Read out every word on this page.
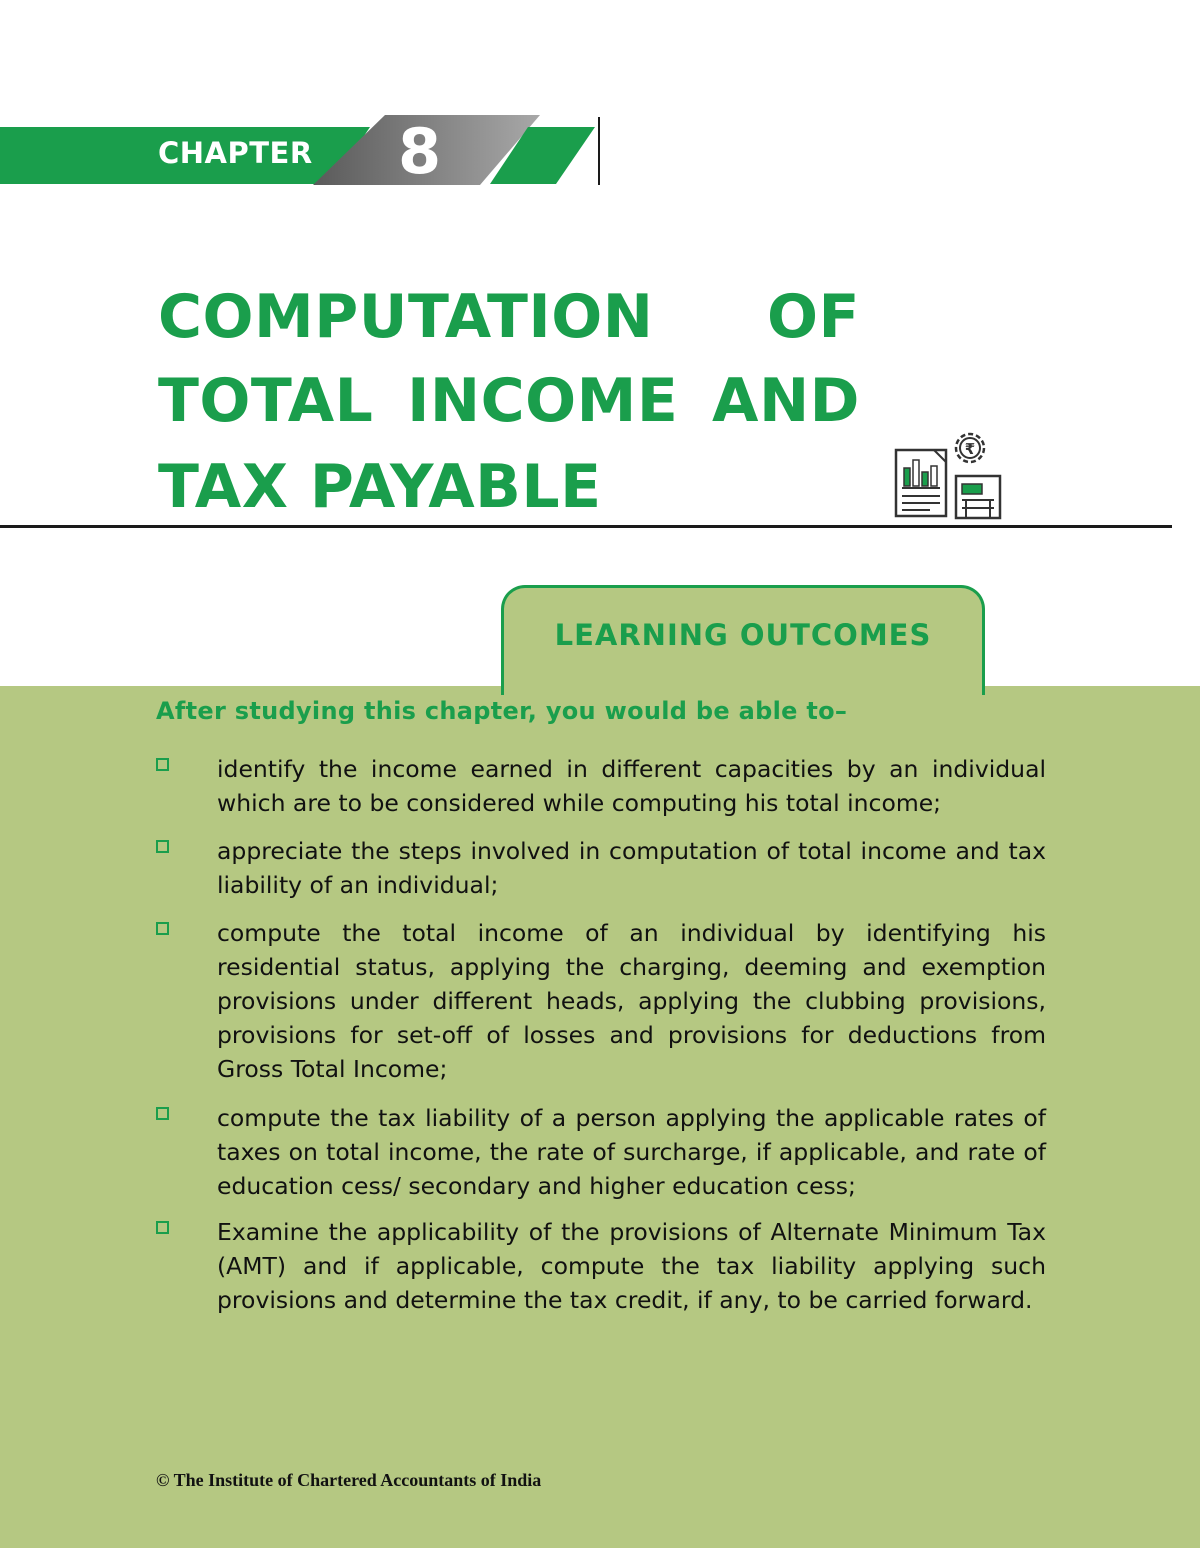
CHAPTER 8
COMPUTATION OF
TOTAL INCOME AND
TAX PAYABLE
₹
LEARNING OUTCOMES
After studying this chapter, you would be able to–
identify the income earned in different capacities by an individual which are to be considered while computing his total income;
appreciate the steps involved in computation of total income and tax liability of an individual;
compute the total income of an individual by identifying his residential status, applying the charging, deeming and exemption provisions under different heads, applying the clubbing provisions, provisions for set-off of losses and provisions for deductions from Gross Total Income;
compute the tax liability of a person applying the applicable rates of taxes on total income, the rate of surcharge, if applicable, and rate of education cess/ secondary and higher education cess;
Examine the applicability of the provisions of Alternate Minimum Tax (AMT) and if applicable, compute the tax liability applying such provisions and determine the tax credit, if any, to be carried forward.
© The Institute of Chartered Accountants of India
